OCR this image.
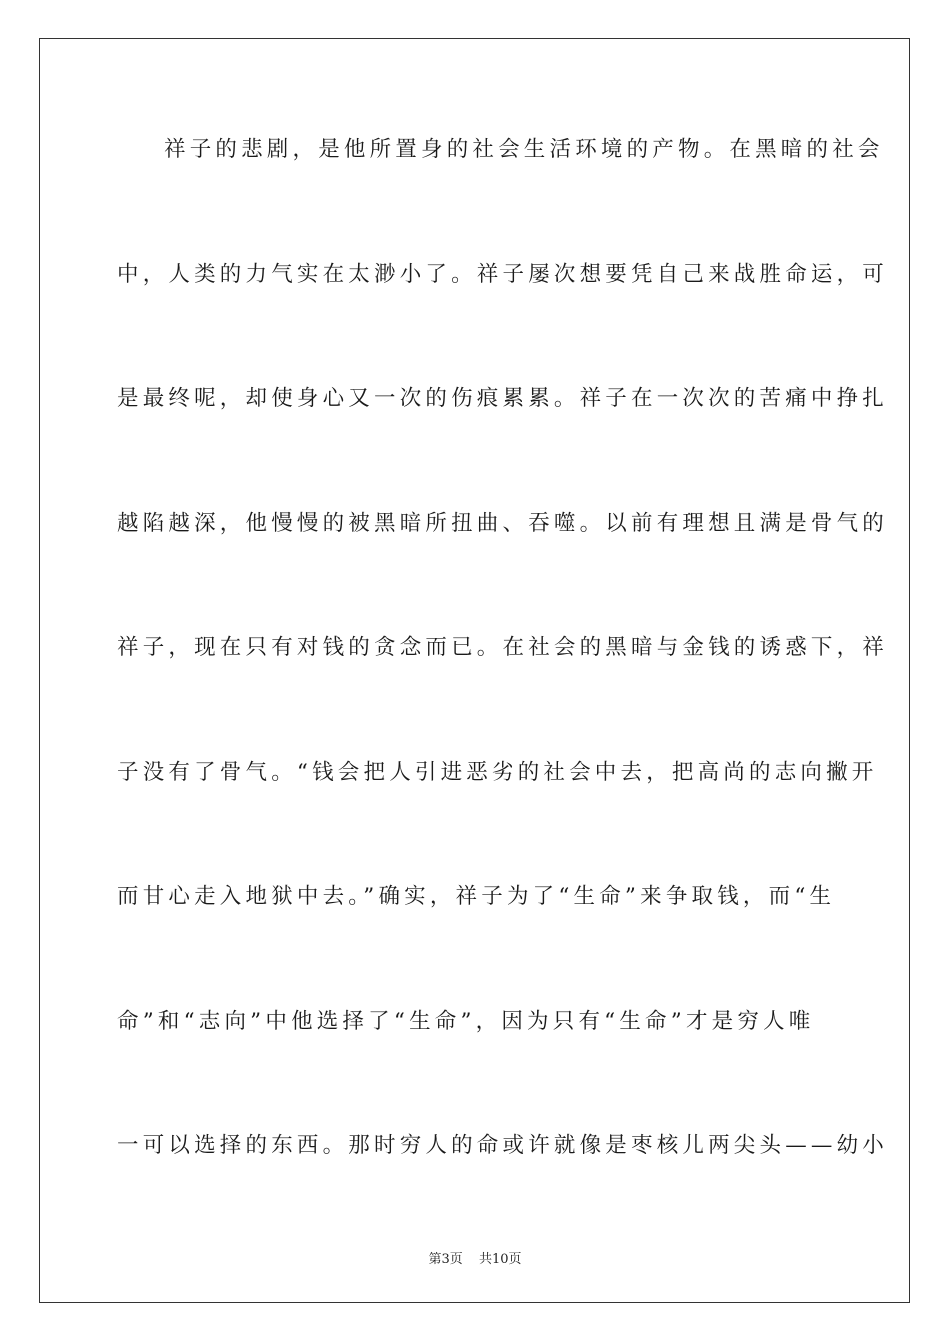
祥子的悲剧，是他所置身的社会生活环境的产物。在黑暗的社会
中，人类的力气实在太渺小了。祥子屡次想要凭自己来战胜命运，可
是最终呢，却使身心又一次的伤痕累累。祥子在一次次的苦痛中挣扎
越陷越深，他慢慢的被黑暗所扭曲、吞噬。以前有理想且满是骨气的
祥子，现在只有对钱的贪念而已。在社会的黑暗与金钱的诱惑下，祥
子没有了骨气。“钱会把人引进恶劣的社会中去，把高尚的志向撇开
而甘心走入地狱中去。”确实，祥子为了“生命”来争取钱，而“生
命”和“志向”中他选择了“生命”，因为只有“生命”才是穷人唯
一可以选择的东西。那时穷人的命或许就像是枣核儿两尖头——幼小
第3页 共10页
